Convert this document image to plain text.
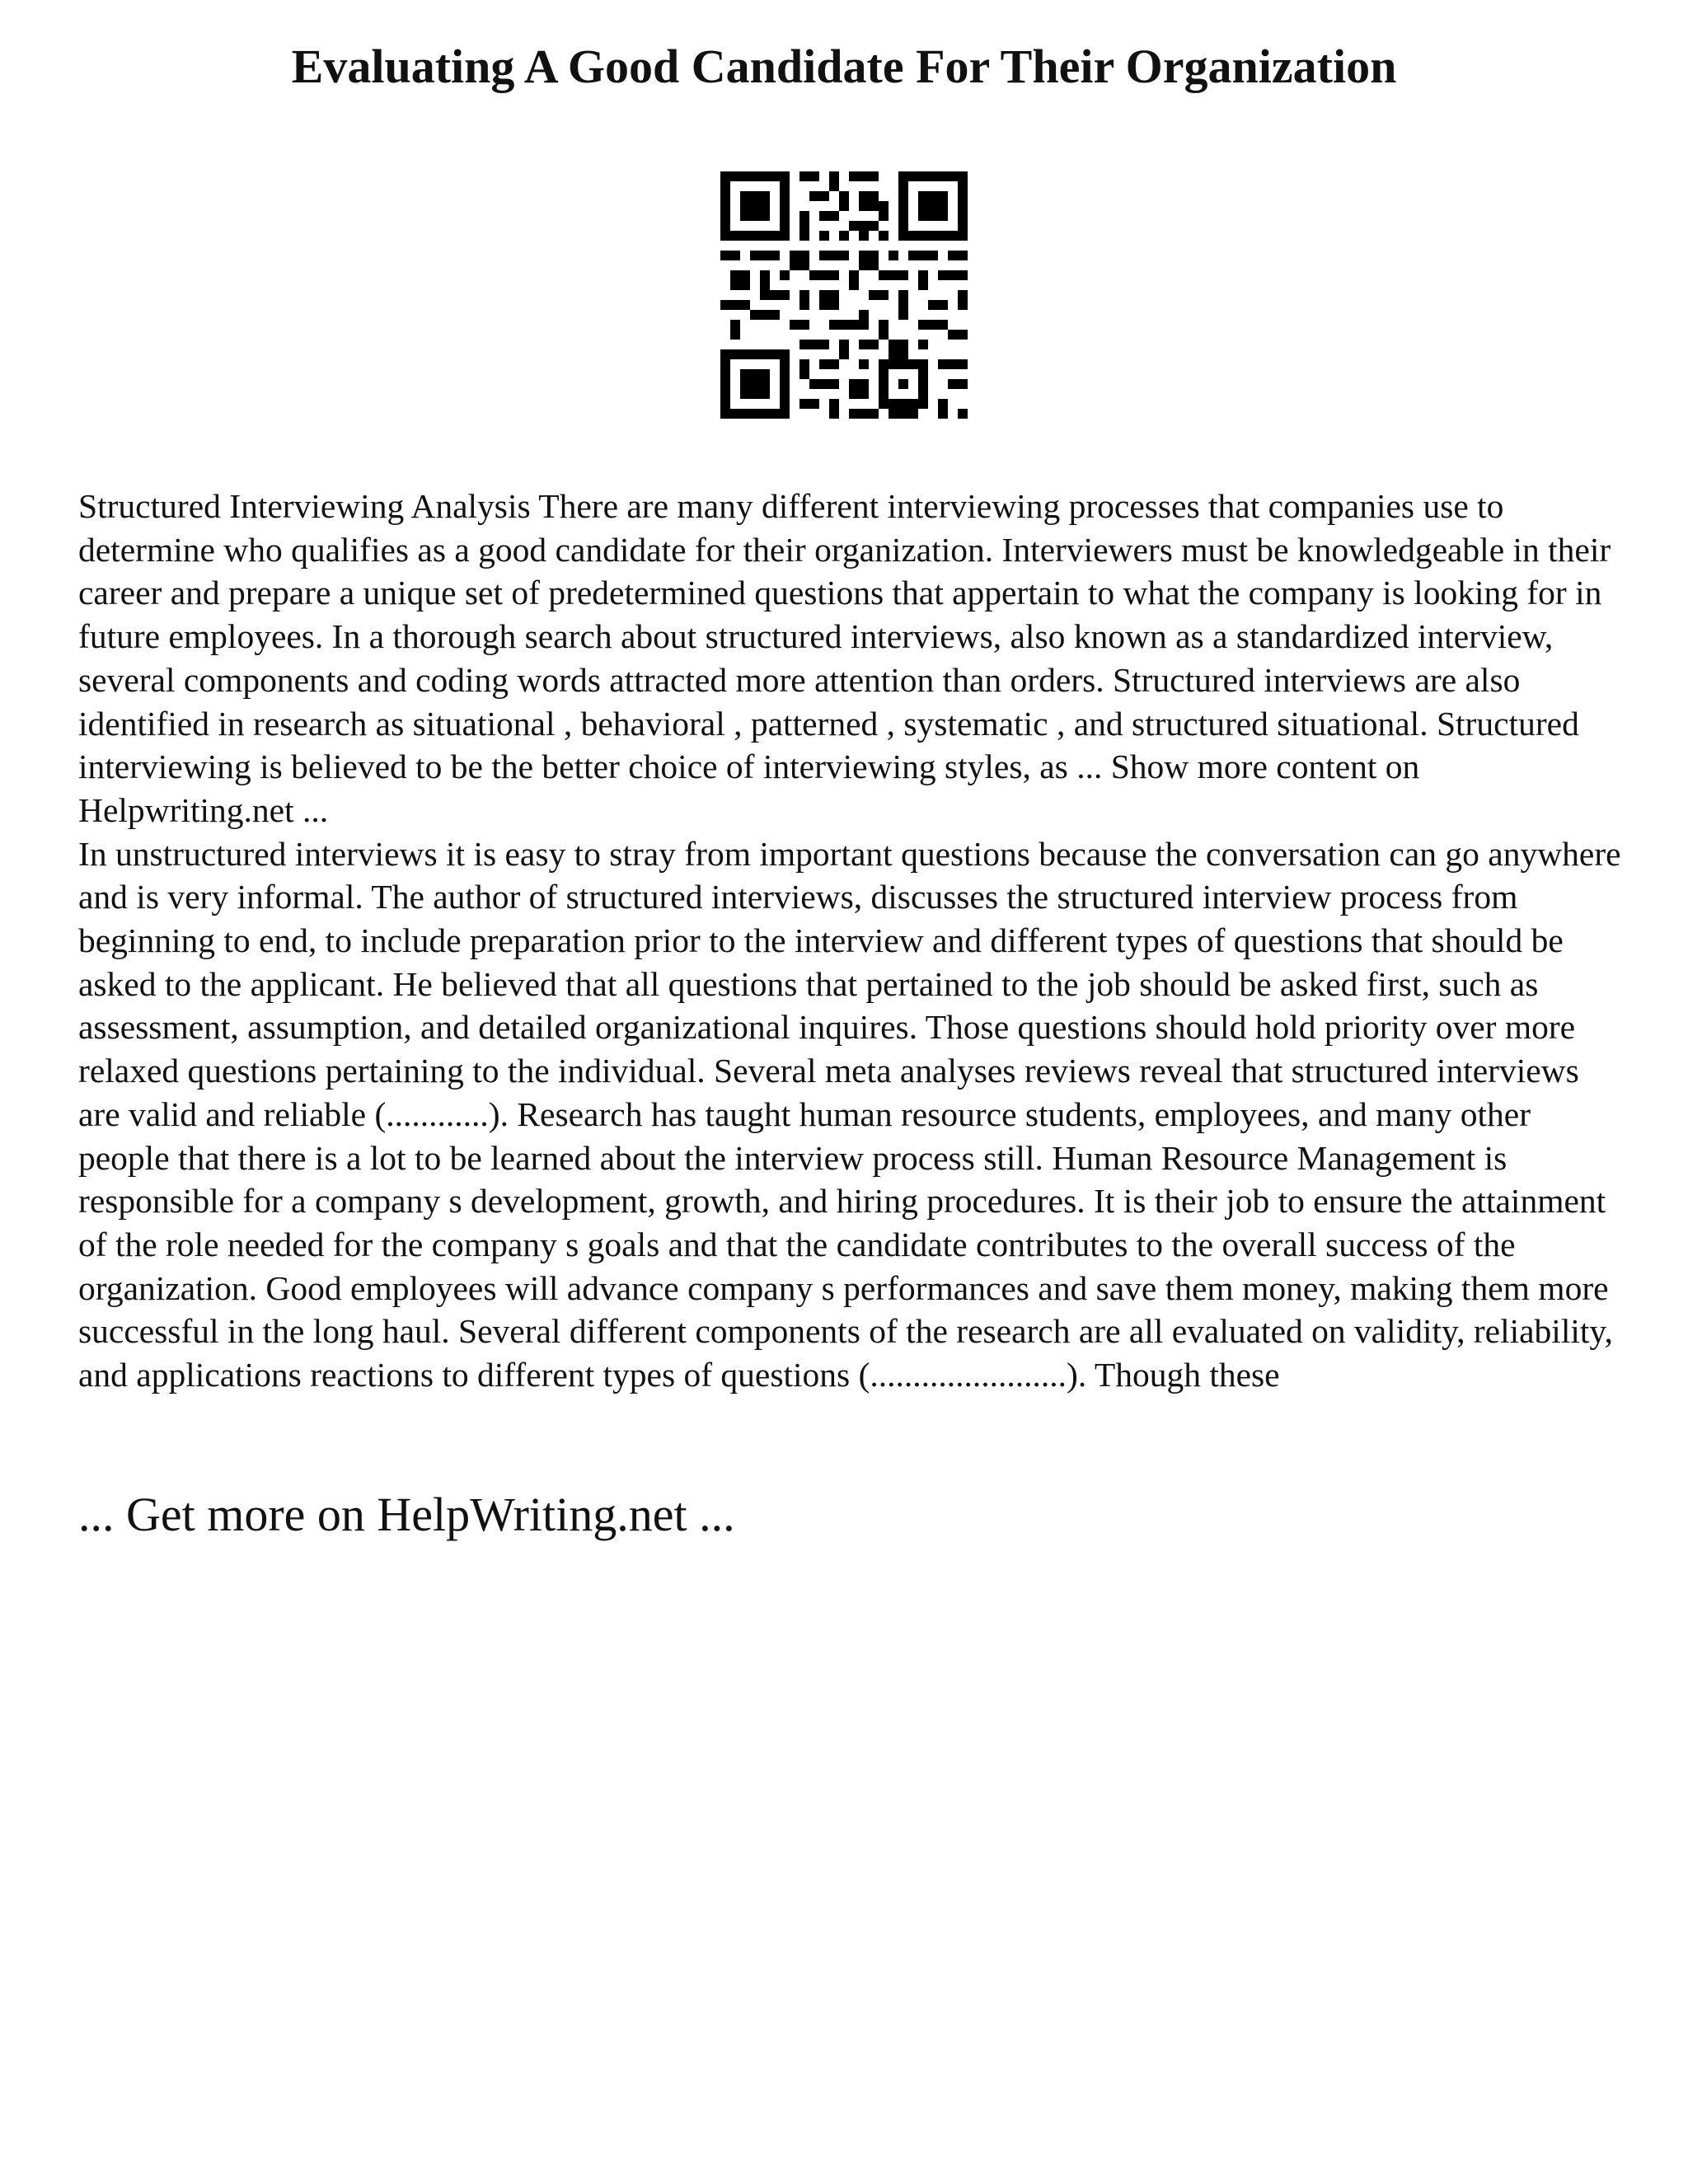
Evaluating A Good Candidate For Their Organization

Structured Interviewing Analysis There are many different interviewing processes that companies use to determine who qualifies as a good candidate for their organization. Interviewers must be knowledgeable in their career and prepare a unique set of predetermined questions that appertain to what the company is looking for in future employees. In a thorough search about structured interviews, also known as a standardized interview, several components and coding words attracted more attention than orders. Structured interviews are also identified in research as situational , behavioral , patterned , systematic , and structured situational. Structured interviewing is believed to be the better choice of interviewing styles, as ... Show more content on Helpwriting.net ...

In unstructured interviews it is easy to stray from important questions because the conversation can go anywhere and is very informal. The author of structured interviews, discusses the structured interview process from beginning to end, to include preparation prior to the interview and different types of questions that should be asked to the applicant. He believed that all questions that pertained to the job should be asked first, such as assessment, assumption, and detailed organizational inquires. Those questions should hold priority over more relaxed questions pertaining to the individual. Several meta analyses reviews reveal that structured interviews are valid and reliable (............). Research has taught human resource students, employees, and many other people that there is a lot to be learned about the interview process still. Human Resource Management is responsible for a company s development, growth, and hiring procedures. It is their job to ensure the attainment of the role needed for the company s goals and that the candidate contributes to the overall success of the organization. Good employees will advance company s performances and save them money, making them more successful in the long haul. Several different components of the research are all evaluated on validity, reliability, and applications reactions to different types of questions (.......................). Though these

... Get more on HelpWriting.net ...
